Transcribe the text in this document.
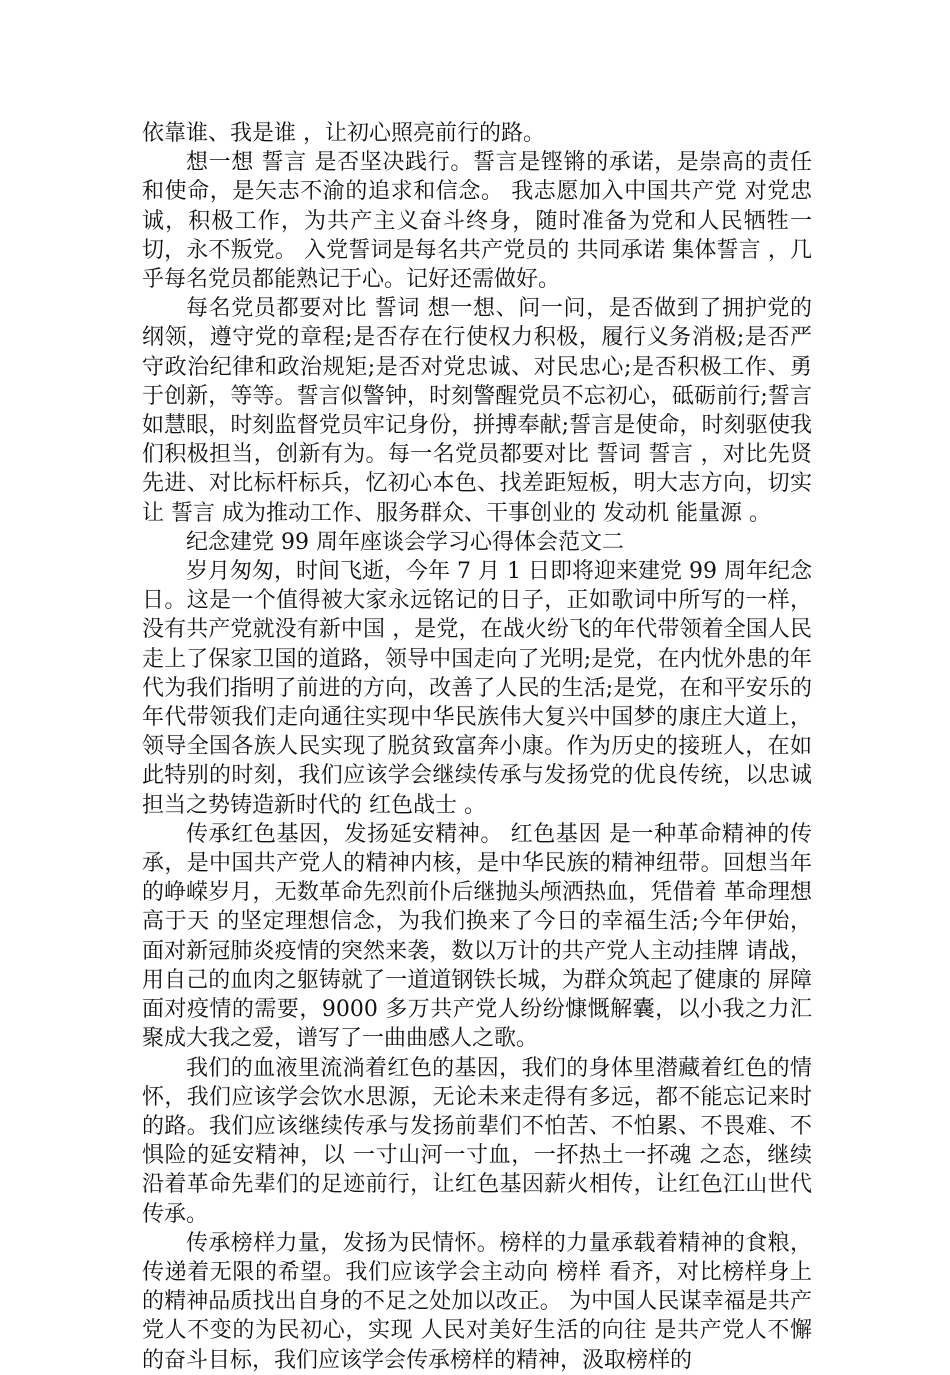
依靠谁、我是谁 ，让初心照亮前行的路。

想一想 誓言 是否坚决践行。誓言是铿锵的承诺，是崇高的责任和使命，是矢志不渝的追求和信念。 我志愿加入中国共产党 对党忠诚，积极工作，为共产主义奋斗终身，随时准备为党和人民牺牲一切，永不叛党。 入党誓词是每名共产党员的 共同承诺 集体誓言 ，几乎每名党员都能熟记于心。记好还需做好。

每名党员都要对比 誓词 想一想、问一问，是否做到了拥护党的纲领，遵守党的章程;是否存在行使权力积极，履行义务消极;是否严守政治纪律和政治规矩;是否对党忠诚、对民忠心;是否积极工作、勇于创新，等等。誓言似警钟，时刻警醒党员不忘初心，砥砺前行;誓言如慧眼，时刻监督党员牢记身份，拼搏奉献;誓言是使命，时刻驱使我们积极担当，创新有为。每一名党员都要对比 誓词 誓言 ，对比先贤先进、对比标杆标兵，忆初心本色、找差距短板，明大志方向，切实让 誓言 成为推动工作、服务群众、干事创业的 发动机 能量源 。

纪念建党 99 周年座谈会学习心得体会范文二

岁月匆匆，时间飞逝，今年 7 月 1 日即将迎来建党 99 周年纪念日。这是一个值得被大家永远铭记的日子，正如歌词中所写的一样，没有共产党就没有新中国 ，是党，在战火纷飞的年代带领着全国人民走上了保家卫国的道路，领导中国走向了光明;是党，在内忧外患的年代为我们指明了前进的方向，改善了人民的生活;是党，在和平安乐的年代带领我们走向通往实现中华民族伟大复兴中国梦的康庄大道上，领导全国各族人民实现了脱贫致富奔小康。作为历史的接班人，在如此特别的时刻，我们应该学会继续传承与发扬党的优良传统，以忠诚担当之势铸造新时代的 红色战士 。

传承红色基因，发扬延安精神。 红色基因 是一种革命精神的传承，是中国共产党人的精神内核，是中华民族的精神纽带。回想当年的峥嵘岁月，无数革命先烈前仆后继抛头颅洒热血，凭借着 革命理想高于天 的坚定理想信念，为我们换来了今日的幸福生活;今年伊始，面对新冠肺炎疫情的突然来袭，数以万计的共产党人主动挂牌 请战，用自己的血肉之躯铸就了一道道钢铁长城，为群众筑起了健康的 屏障 面对疫情的需要，9000 多万共产党人纷纷慷慨解囊，以小我之力汇聚成大我之爱，谱写了一曲曲感人之歌。

我们的血液里流淌着红色的基因，我们的身体里潜藏着红色的情怀，我们应该学会饮水思源，无论未来走得有多远，都不能忘记来时的路。我们应该继续传承与发扬前辈们不怕苦、不怕累、不畏难、不惧险的延安精神，以 一寸山河一寸血，一抔热土一抔魂 之态，继续沿着革命先辈们的足迹前行，让红色基因薪火相传，让红色江山世代传承。

传承榜样力量，发扬为民情怀。榜样的力量承载着精神的食粮，传递着无限的希望。我们应该学会主动向 榜样 看齐，对比榜样身上的精神品质找出自身的不足之处加以改正。 为中国人民谋幸福是共产党人不变的为民初心，实现 人民对美好生活的向往 是共产党人不懈的奋斗目标，我们应该学会传承榜样的精神，汲取榜样的
